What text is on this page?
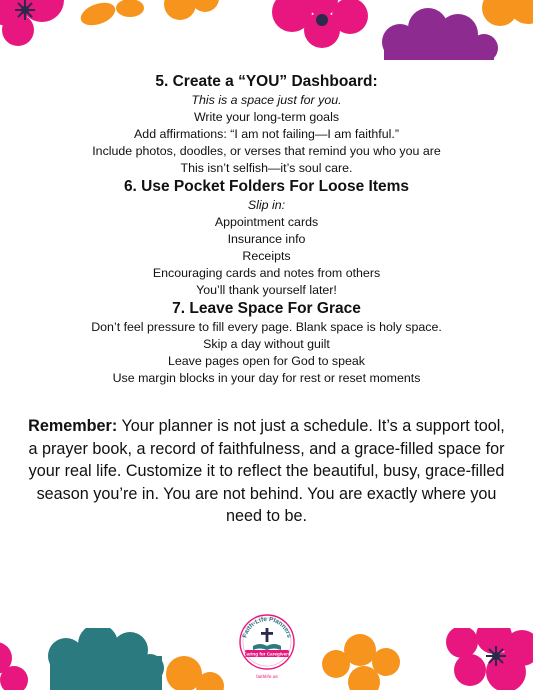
5. Create a “YOU” Dashboard:

This is a space just for you.

Write your long-term goals

Add affirmations: “I am not failing—I am faithful.”

Include photos, doodles, or verses that remind you who you are

This isn’t selfish—it’s soul care.

6. Use Pocket Folders For Loose Items

Slip in:

Appointment cards

Insurance info

Receipts

Encouraging cards and notes from others

You’ll thank yourself later!

7. Leave Space For Grace

Don’t feel pressure to fill every page. Blank space is holy space.

Skip a day without guilt

Leave pages open for God to speak

Use margin blocks in your day for rest or reset moments

Remember: Your planner is not just a schedule. It’s a support tool, a prayer book, a record of faithfulness, and a grace-filled space for your real life. Customize it to reflect the beautiful, busy, grace-filled season you’re in. You are not behind. You are exactly where you need to be.

Faith-Life Planners
Caring for Caregivers
faithlife.us
